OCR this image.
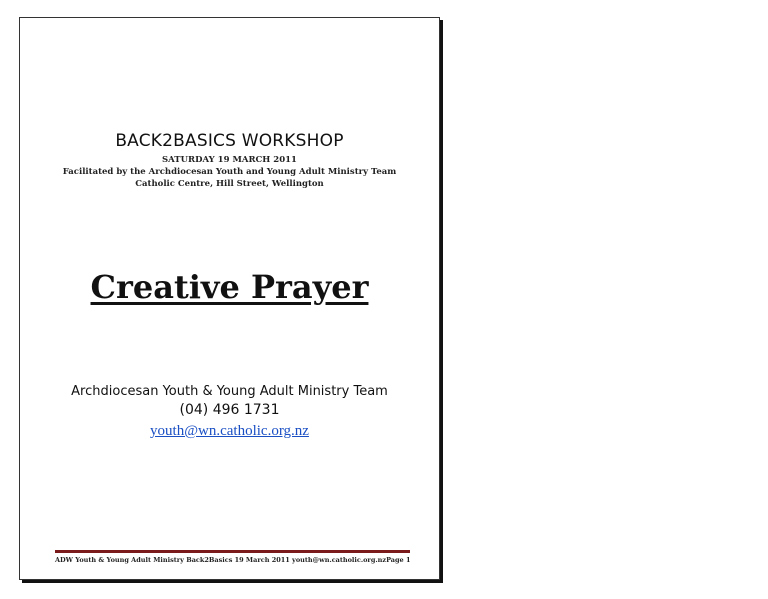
BACK2BASICS WORKSHOP
SATURDAY 19 MARCH 2011
Facilitated by the Archdiocesan Youth and Young Adult Ministry Team
Catholic Centre, Hill Street, Wellington
Creative Prayer
Archdiocesan Youth & Young Adult Ministry Team
(04) 496 1731
youth@wn.catholic.org.nz
ADW Youth & Young Adult Ministry Back2Basics 19 March 2011 youth@wn.catholic.org.nz Page 1
